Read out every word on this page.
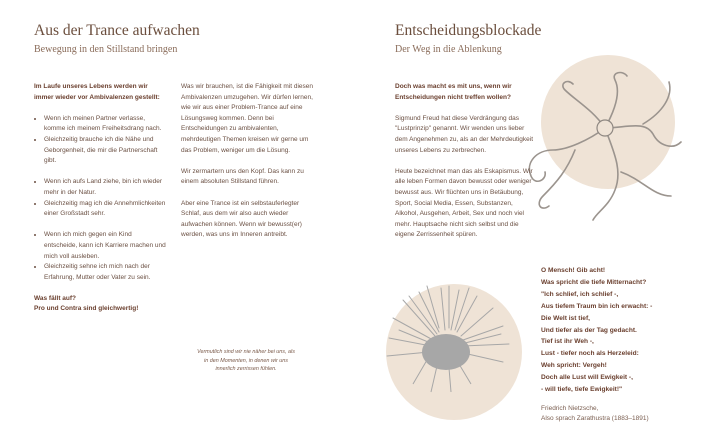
Aus der Trance aufwachen
Bewegung in den Stillstand bringen

Im Laufe unseres Lebens werden wir immer wieder vor Ambivalenzen gestellt:

• Wenn ich meinen Partner verlasse, komme ich meinem Freiheitsdrang nach.
• Gleichzeitig brauche ich die Nähe und Geborgenheit, die mir die Partnerschaft gibt.
• Wenn ich aufs Land ziehe, bin ich wieder mehr in der Natur.
• Gleichzeitig mag ich die Annehmlichkeiten einer Großstadt sehr.
• Wenn ich mich gegen ein Kind entscheide, kann ich Karriere machen und mich voll ausleben.
• Gleichzeitig sehne ich mich nach der Erfahrung, Mutter oder Vater zu sein.

Was fällt auf?

Pro und Contra sind gleichwertig!

Was wir brauchen, ist die Fähigkeit mit diesen Ambivalenzen umzugehen. Wir dürfen lernen, wie wir aus einer Problem-Trance auf eine Lösungsweg kommen. Denn bei Entscheidungen zu ambivalenten, mehrdeutigen Themen kreisen wir gerne um das Problem, weniger um die Lösung.

Wir zermartern uns den Kopf. Das kann zu einem absoluten Stillstand führen.

Aber eine Trance ist ein selbstauferlegter Schlaf, aus dem wir also auch wieder aufwachen können. Wenn wir bewusst(er) werden, was uns im Inneren antreibt.

Vermutlich sind wir nie näher bei uns, als in den Momenten, in denen wir uns innerlich zerrissen fühlen.
Entscheidungsblockade
Der Weg in die Ablenkung

Doch was macht es mit uns, wenn wir Entscheidungen nicht treffen wollen?

Sigmund Freud hat diese Verdrängung das "Lustprinzip" genannt. Wir wenden uns lieber dem Angenehmen zu, als an der Mehrdeutigkeit unseres Lebens zu zerbrechen.

Heute bezeichnet man das als Eskapismus. Wir alle leben Formen davon bewusst oder weniger bewusst aus. Wir flüchten uns in Betäubung, Sport, Social Media, Essen, Substanzen, Alkohol, Ausgehen, Arbeit, Sex und noch viel mehr. Hauptsache nicht sich selbst und die eigene Zerrissenheit spüren.

O Mensch! Gib acht!
Was spricht die tiefe Mitternacht?
"Ich schlief, ich schlief -,
Aus tiefem Traum bin ich erwacht: -
Die Welt ist tief,
Und tiefer als der Tag gedacht.
Tief ist ihr Weh -,
Lust - tiefer noch als Herzeleid:
Weh spricht: Vergeh!
Doch alle Lust will Ewigkeit -,
- will tiefe, tiefe Ewigkeit!"
Friedrich Nietzsche,
Also sprach Zarathustra (1883–1891)
